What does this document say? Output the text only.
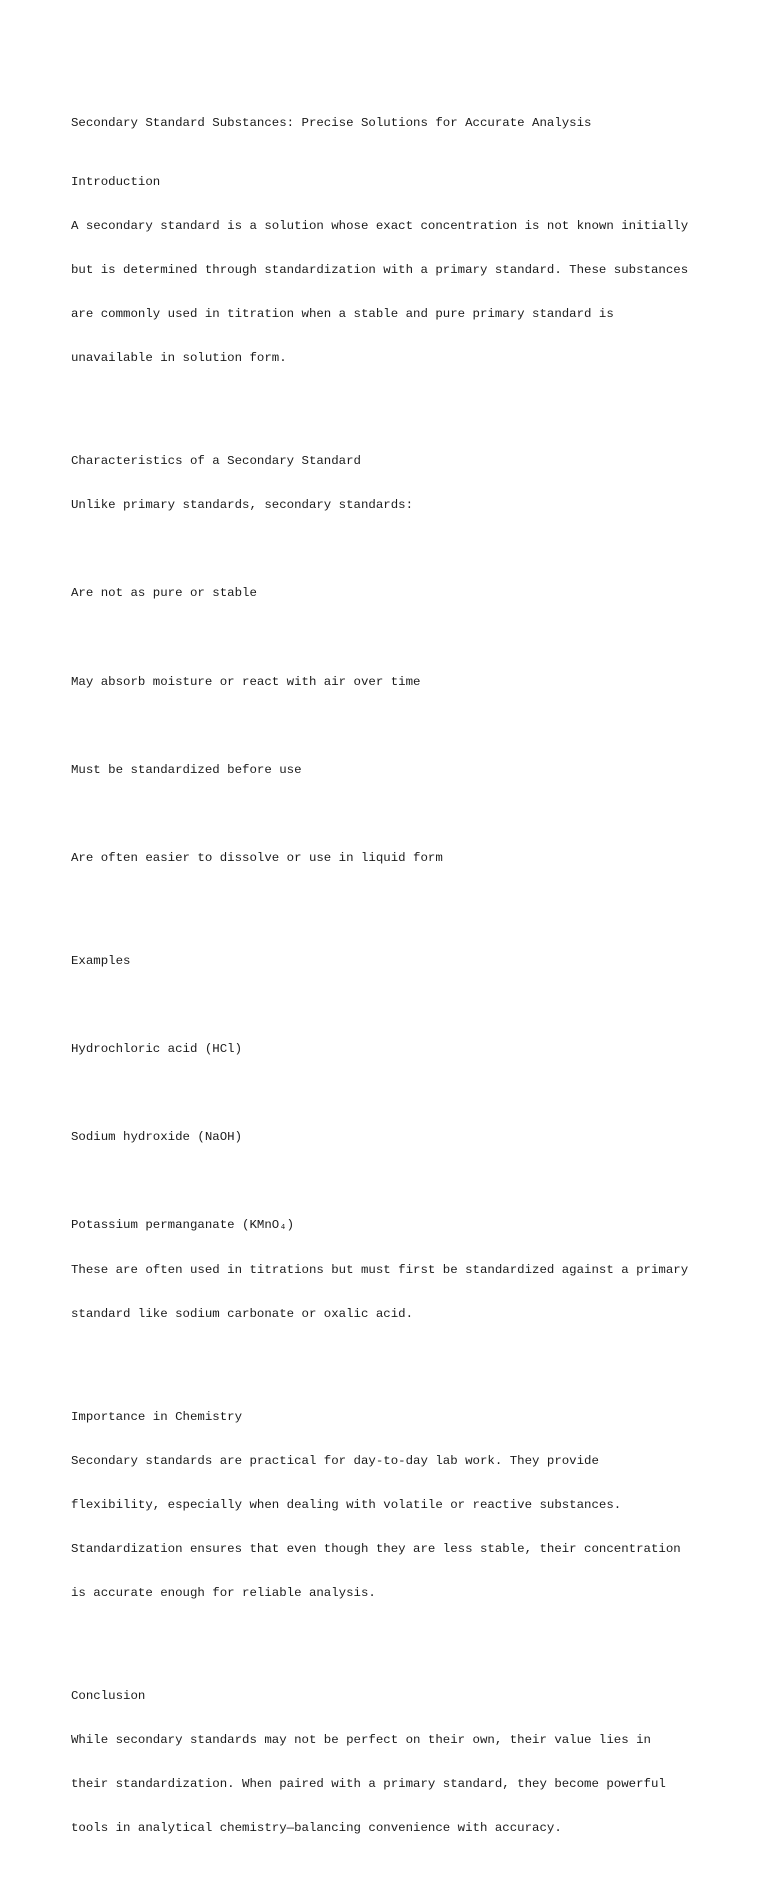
Secondary Standard Substances: Precise Solutions for Accurate Analysis

Introduction

A secondary standard is a solution whose exact concentration is not known initially

but is determined through standardization with a primary standard. These substances

are commonly used in titration when a stable and pure primary standard is

unavailable in solution form.

Characteristics of a Secondary Standard

Unlike primary standards, secondary standards:

Are not as pure or stable

May absorb moisture or react with air over time

Must be standardized before use

Are often easier to dissolve or use in liquid form

Examples

Hydrochloric acid (HCl)

Sodium hydroxide (NaOH)

Potassium permanganate (KMnO₄)

These are often used in titrations but must first be standardized against a primary

standard like sodium carbonate or oxalic acid.

Importance in Chemistry

Secondary standards are practical for day-to-day lab work. They provide

flexibility, especially when dealing with volatile or reactive substances.

Standardization ensures that even though they are less stable, their concentration

is accurate enough for reliable analysis.

Conclusion

While secondary standards may not be perfect on their own, their value lies in

their standardization. When paired with a primary standard, they become powerful

tools in analytical chemistry—balancing convenience with accuracy.
